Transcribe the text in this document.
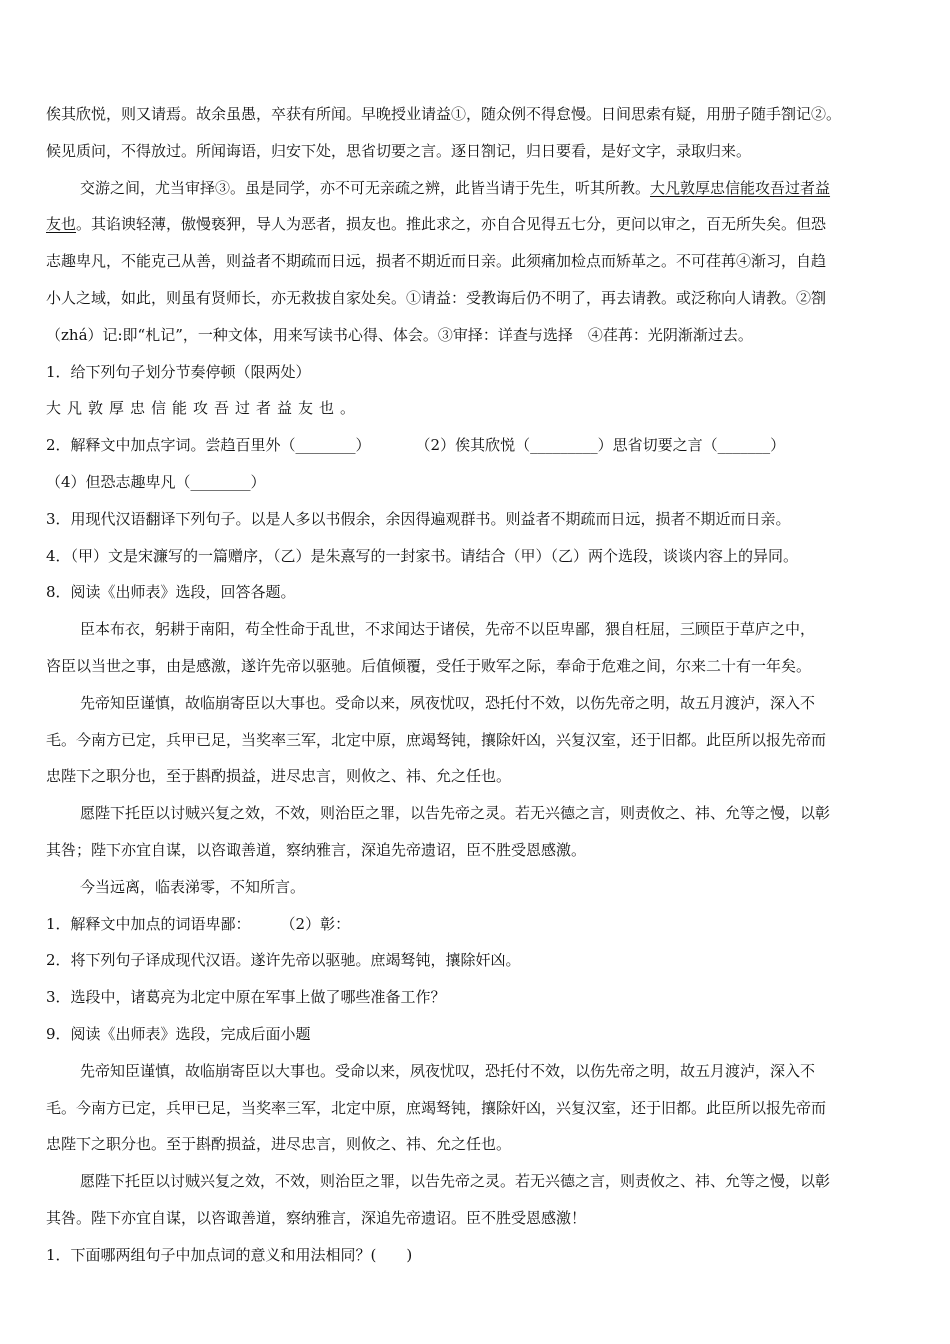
俟其欣悦，则又请焉。故余虽愚，卒获有所闻。早晚授业请益①，随众例不得怠慢。日间思索有疑，用册子随手劄记②。
候见质问，不得放过。所闻诲语，归安下处，思省切要之言。逐日劄记，归日要看，是好文字，录取归来。
交游之间，尤当审择③。虽是同学，亦不可无亲疏之辨，此皆当请于先生，听其所教。大凡敦厚忠信能攻吾过者益
友也。其谄谀轻薄，傲慢亵狎，导人为恶者，损友也。推此求之，亦自合见得五七分，更问以审之，百无所失矣。但恐
志趣卑凡，不能克己从善，则益者不期疏而日远，损者不期近而日亲。此须痛加检点而矫革之。不可荏苒④渐习，自趋
小人之域，如此，则虽有贤师长，亦无救拔自家处矣。①请益：受教诲后仍不明了，再去请教。或泛称向人请教。②劄
（zhá）记:即“札记”，一种文体，用来写读书心得、体会。③审择：详查与选择　④荏苒：光阴渐渐过去。
1．给下列句子划分节奏停顿（限两处）
大凡敦厚忠信能攻吾过者益友也。
2．解释文中加点字词。尝趋百里外（________）　　　　（2）俟其欣悦（_________）思省切要之言（_______）
（4）但恐志趣卑凡（________）
3．用现代汉语翻译下列句子。以是人多以书假余，余因得遍观群书。则益者不期疏而日远，损者不期近而日亲。
4．（甲）文是宋濂写的一篇赠序，（乙）是朱熹写的一封家书。请结合（甲）（乙）两个选段，谈谈内容上的异同。
8．阅读《出师表》选段，回答各题。
臣本布衣，躬耕于南阳，苟全性命于乱世，不求闻达于诸侯，先帝不以臣卑鄙，猥自枉屈，三顾臣于草庐之中，
咨臣以当世之事，由是感激，遂许先帝以驱驰。后值倾覆，受任于败军之际，奉命于危难之间，尔来二十有一年矣。
先帝知臣谨慎，故临崩寄臣以大事也。受命以来，夙夜忧叹，恐托付不效，以伤先帝之明，故五月渡泸，深入不
毛。今南方已定，兵甲已足，当奖率三军，北定中原，庶竭驽钝，攘除奸凶，兴复汉室，还于旧都。此臣所以报先帝而
忠陛下之职分也，至于斟酌损益，进尽忠言，则攸之、祎、允之任也。
愿陛下托臣以讨贼兴复之效，不效，则治臣之罪，以告先帝之灵。若无兴德之言，则责攸之、祎、允等之慢，以彰
其咎；陛下亦宜自谋，以咨诹善道，察纳雅言，深追先帝遗诏，臣不胜受恩感激。
今当远离，临表涕零，不知所言。
1．解释文中加点的词语卑鄙：　　　（2）彰：
2．将下列句子译成现代汉语。遂许先帝以驱驰。庶竭驽钝，攘除奸凶。
3．选段中，诸葛亮为北定中原在军事上做了哪些准备工作？
9．阅读《出师表》选段，完成后面小题
先帝知臣谨慎，故临崩寄臣以大事也。受命以来，夙夜忧叹，恐托付不效，以伤先帝之明，故五月渡泸，深入不
毛。今南方已定，兵甲已足，当奖率三军，北定中原，庶竭驽钝，攘除奸凶，兴复汉室，还于旧都。此臣所以报先帝而
忠陛下之职分也。至于斟酌损益，进尽忠言，则攸之、祎、允之任也。
愿陛下托臣以讨贼兴复之效，不效，则治臣之罪，以告先帝之灵。若无兴德之言，则责攸之、祎、允等之慢，以彰
其咎。陛下亦宜自谋，以咨诹善道，察纳雅言，深追先帝遗诏。臣不胜受恩感激！
1．下面哪两组句子中加点词的意义和用法相同？(　　)
